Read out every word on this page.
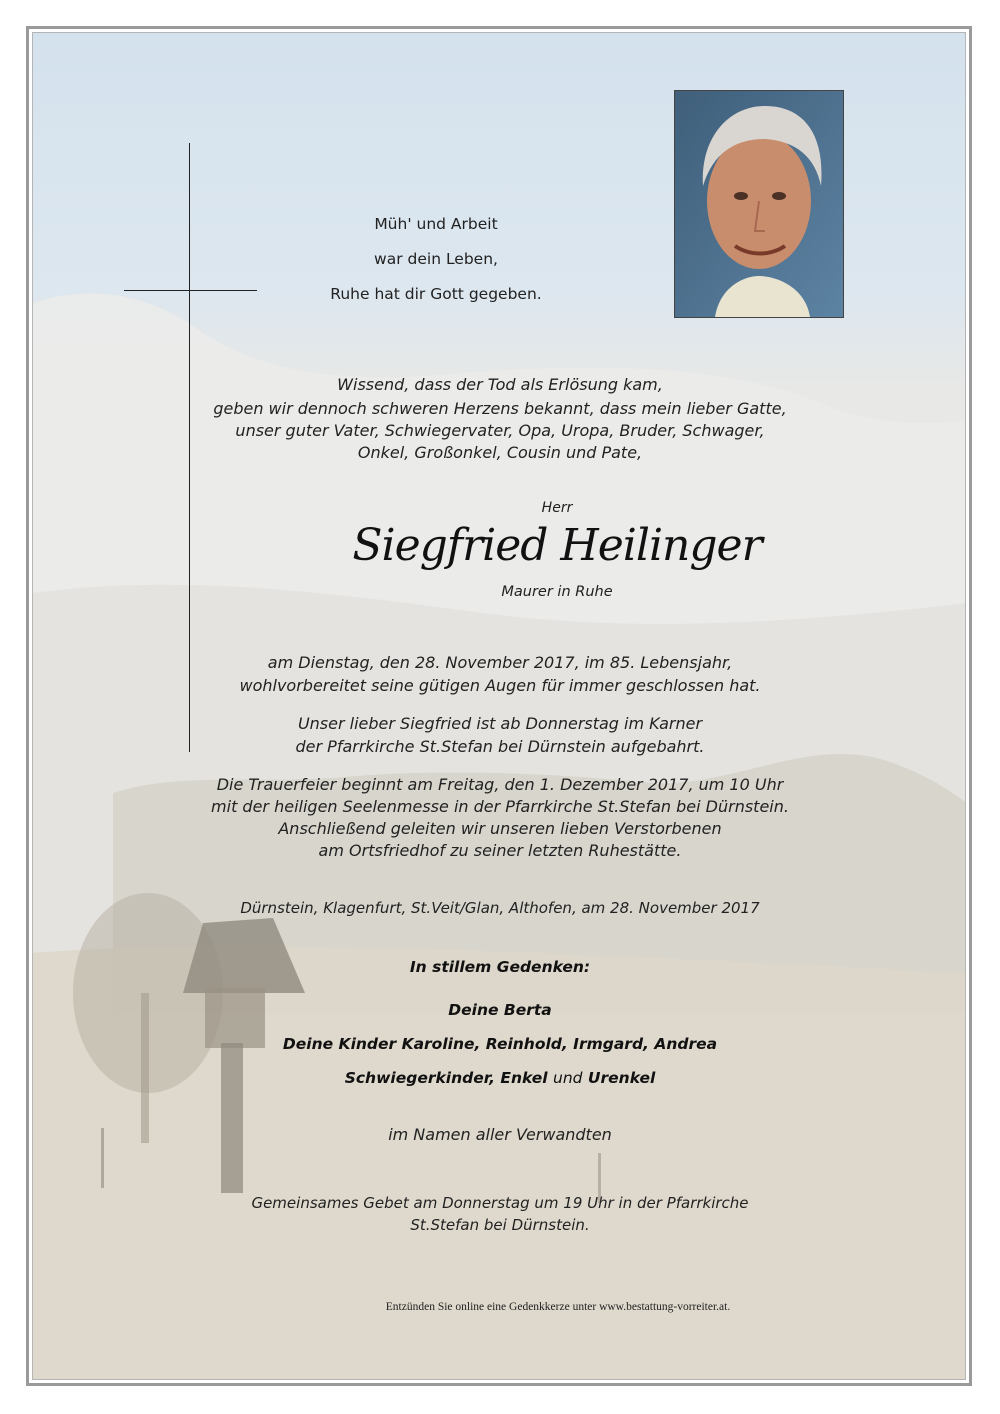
Müh' und Arbeit
war dein Leben,
Ruhe hat dir Gott gegeben.
Wissend, dass der Tod als Erlösung kam,
geben wir dennoch schweren Herzens bekannt, dass mein lieber Gatte,
unser guter Vater, Schwiegervater, Opa, Uropa, Bruder, Schwager,
Onkel, Großonkel, Cousin und Pate,
Herr
Siegfried Heilinger
Maurer in Ruhe
am Dienstag, den 28. November 2017, im 85. Lebensjahr,
wohlvorbereitet seine gütigen Augen für immer geschlossen hat.
Unser lieber Siegfried ist ab Donnerstag im Karner
der Pfarrkirche St.Stefan bei Dürnstein aufgebahrt.
Die Trauerfeier beginnt am Freitag, den 1. Dezember 2017, um 10 Uhr
mit der heiligen Seelenmesse in der Pfarrkirche St.Stefan bei Dürnstein.
Anschließend geleiten wir unseren lieben Verstorbenen
am Ortsfriedhof zu seiner letzten Ruhestätte.
Dürnstein, Klagenfurt, St.Veit/Glan, Althofen, am 28. November 2017
In stillem Gedenken:
Deine Berta
Deine Kinder Karoline, Reinhold, Irmgard, Andrea
Schwiegerkinder, Enkel und Urenkel
im Namen aller Verwandten
Gemeinsames Gebet am Donnerstag um 19 Uhr in der Pfarrkirche
St.Stefan bei Dürnstein.
Entzünden Sie online eine Gedenkkerze unter www.bestattung-vorreiter.at.
